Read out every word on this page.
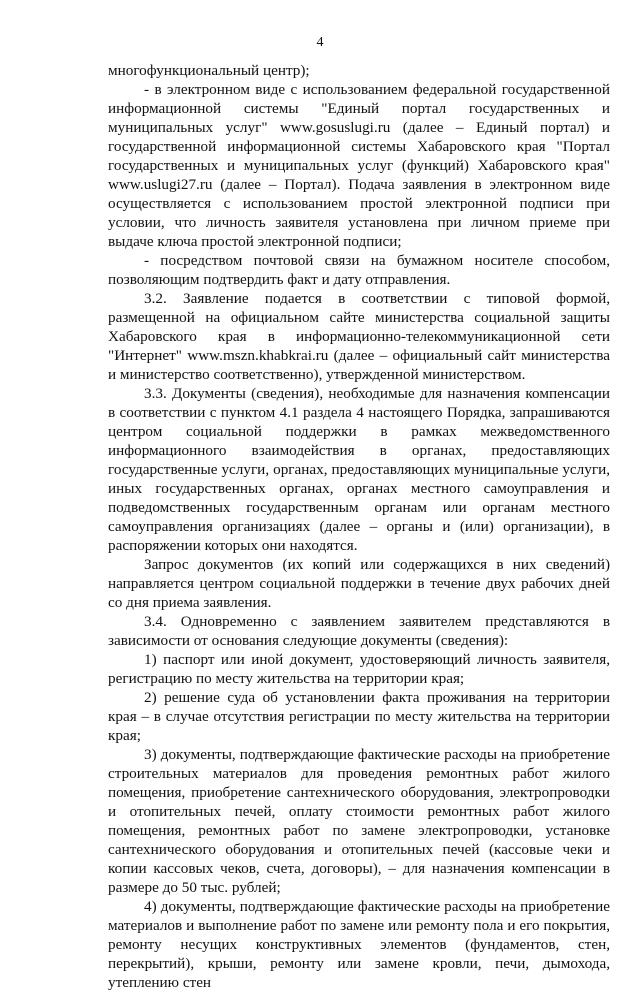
4

многофункциональный центр);

- в электронном виде с использованием федеральной государственной информационной системы "Единый портал государственных и муниципальных услуг" www.gosuslugi.ru (далее – Единый портал) и государственной информационной системы Хабаровского края "Портал государственных и муниципальных услуг (функций) Хабаровского края" www.uslugi27.ru (далее – Портал). Подача заявления в электронном виде осуществляется с использованием простой электронной подписи при условии, что личность заявителя установлена при личном приеме при выдаче ключа простой электронной подписи;

- посредством почтовой связи на бумажном носителе способом, позволяющим подтвердить факт и дату отправления.

3.2. Заявление подается в соответствии с типовой формой, размещенной на официальном сайте министерства социальной защиты Хабаровского края в информационно-телекоммуникационной сети "Интернет" www.mszn.khabkrai.ru (далее – официальный сайт министерства и министерство соответственно), утвержденной министерством.

3.3. Документы (сведения), необходимые для назначения компенсации в соответствии с пунктом 4.1 раздела 4 настоящего Порядка, запрашиваются центром социальной поддержки в рамках межведомственного информационного взаимодействия в органах, предоставляющих государственные услуги, органах, предоставляющих муниципальные услуги, иных государственных органах, органах местного самоуправления и подведомственных государственным органам или органам местного самоуправления организациях (далее – органы и (или) организации), в распоряжении которых они находятся.

Запрос документов (их копий или содержащихся в них сведений) направляется центром социальной поддержки в течение двух рабочих дней со дня приема заявления.

3.4. Одновременно с заявлением заявителем представляются в зависимости от основания следующие документы (сведения):

1) паспорт или иной документ, удостоверяющий личность заявителя, регистрацию по месту жительства на территории края;

2) решение суда об установлении факта проживания на территории края – в случае отсутствия регистрации по месту жительства на территории края;

3) документы, подтверждающие фактические расходы на приобретение строительных материалов для проведения ремонтных работ жилого помещения, приобретение сантехнического оборудования, электропроводки и отопительных печей, оплату стоимости ремонтных работ жилого помещения, ремонтных работ по замене электропроводки, установке сантехнического оборудования и отопительных печей (кассовые чеки и копии кассовых чеков, счета, договоры), – для назначения компенсации в размере до 50 тыс. рублей;

4) документы, подтверждающие фактические расходы на приобретение материалов и выполнение работ по замене или ремонту пола и его покрытия, ремонту несущих конструктивных элементов (фундаментов, стен, перекрытий), крыши, ремонту или замене кровли, печи, дымохода, утеплению стен
